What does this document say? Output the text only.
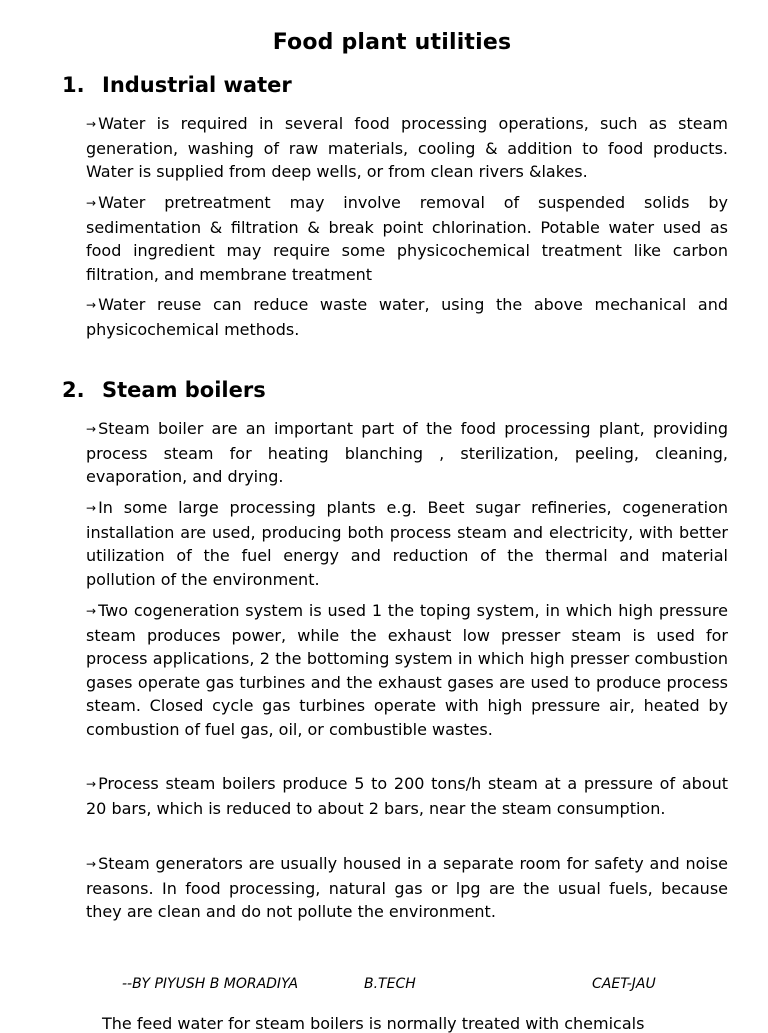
Food plant utilities
1. Industrial water
→ Water is required in several food processing operations, such as steam generation, washing of raw materials, cooling & addition to food products. Water is supplied from deep wells, or from clean rivers &lakes.
→ Water pretreatment may involve removal of suspended solids by sedimentation & filtration & break point chlorination. Potable water used as food ingredient may require some physicochemical treatment like carbon filtration, and membrane treatment
→ Water reuse can reduce waste water, using the above mechanical and physicochemical methods.
2. Steam boilers
→ Steam boiler are an important part of the food processing plant, providing process steam for heating blanching , sterilization, peeling, cleaning, evaporation, and drying.
→ In some large processing plants e.g. Beet sugar refineries, cogeneration installation are used, producing both process steam and electricity, with better utilization of the fuel energy and reduction of the thermal and material pollution of the environment.
→ Two cogeneration system is used 1 the toping system, in which high pressure steam produces power, while the exhaust low presser steam is used for process applications, 2 the bottoming system in which high presser combustion gases operate gas turbines and the exhaust gases are used to produce process steam. Closed cycle gas turbines operate with high pressure air, heated by combustion of fuel gas, oil, or combustible wastes.
→ Process steam boilers produce 5 to 200 tons/h steam at a pressure of about 20 bars, which is reduced to about 2 bars, near the steam consumption.
→ Steam generators are usually housed in a separate room for safety and noise reasons. In food processing, natural gas or lpg are the usual fuels, because they are clean and do not pollute the environment.
--BY PIYUSH B MORADIYA	B.TECH	CAET-JAU
The feed water for steam boilers is normally treated with chemicals
